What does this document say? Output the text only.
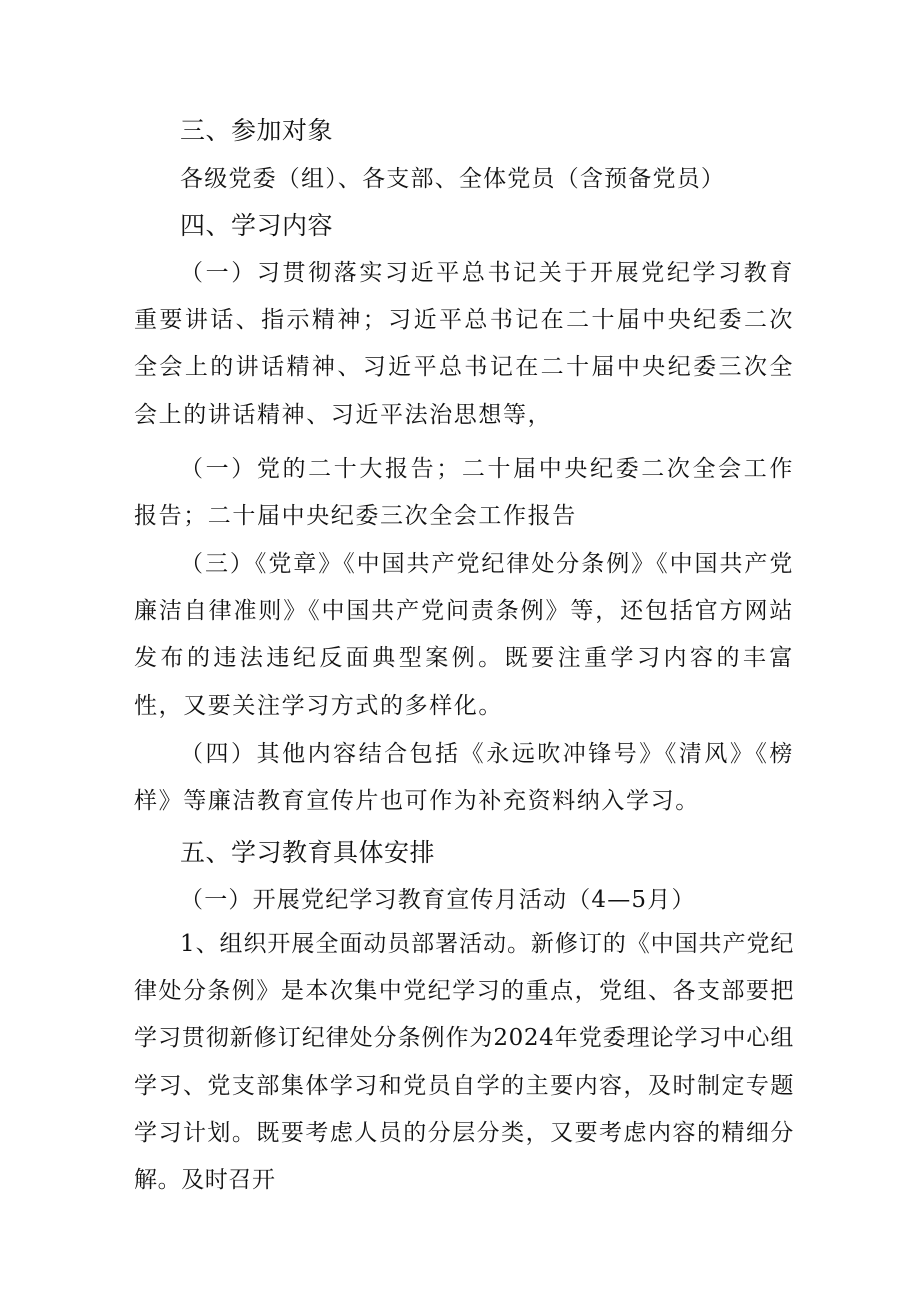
三、参加对象
各级党委（组）、各支部、全体党员（含预备党员）
四、学习内容

（一）习贯彻落实习近平总书记关于开展党纪学习教育重要讲话、指示精神；习近平总书记在二十届中央纪委二次全会上的讲话精神、习近平总书记在二十届中央纪委三次全会上的讲话精神、习近平法治思想等，

（一）党的二十大报告；二十届中央纪委二次全会工作报告；二十届中央纪委三次全会工作报告

（三）《党章》《中国共产党纪律处分条例》《中国共产党廉洁自律准则》《中国共产党问责条例》等，还包括官方网站发布的违法违纪反面典型案例。既要注重学习内容的丰富性，又要关注学习方式的多样化。

（四）其他内容结合包括《永远吹冲锋号》《清风》《榜样》等廉洁教育宣传片也可作为补充资料纳入学习。

五、学习教育具体安排
（一）开展党纪学习教育宣传月活动（4—5月）

1、组织开展全面动员部署活动。新修订的《中国共产党纪律处分条例》是本次集中党纪学习的重点，党组、各支部要把学习贯彻新修订纪律处分条例作为2024年党委理论学习中心组学习、党支部集体学习和党员自学的主要内容，及时制定专题学习计划。既要考虑人员的分层分类，又要考虑内容的精细分解。及时召开
